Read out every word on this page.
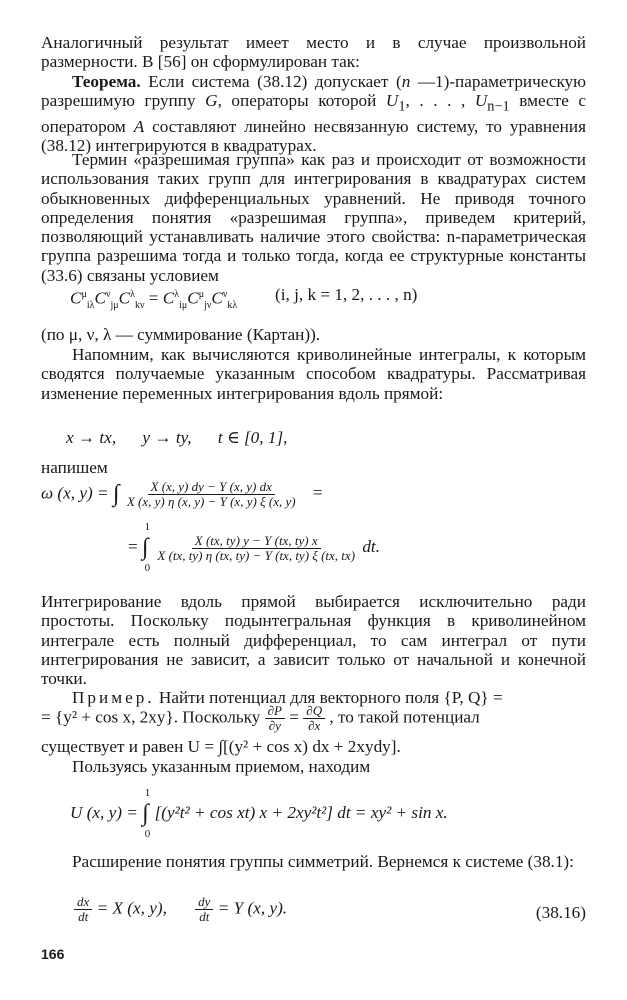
Аналогичный результат имеет место и в случае произвольной размерности. В [56] он сформулирован так:

Теорема. Если система (38.12) допускает (n —1)-параметрическую разрешимую группу G, операторы которой $U_1$, . . . , $U_{n-1}$ вместе с оператором A составляют линейно несвязанную систему, то уравнения (38.12) интегрируются в квадратурах.

Термин «разрешимая группа» как раз и происходит от возможности использования таких групп для интегрирования в квадратурах систем обыкновенных дифференциальных уравнений. Не приводя точного определения понятия «разрешимая группа», приведем критерий, позволяющий устанавливать наличие этого свойства: n-параметрическая группа разрешима тогда и только тогда, когда ее структурные константы (33.6) связаны условием

$C^\mu_{i\lambda}C^\nu_{j\mu}C^\lambda_{k\nu} = C^\lambda_{i\mu}C^\mu_{j\nu}C^\nu_{k\lambda}$
(i, j, k = 1, 2, . . . , n)

(по μ, ν, λ — суммирование (Картан)).

Напомним, как вычисляются криволинейные интегралы, к которым сводятся получаемые указанным способом квадратуры. Рассматривая изменение переменных интегрирования вдоль прямой:

x → tx, y → ty, t ∈ [0, 1],

напишем

ω (x, y) = ∫ $\frac{X (x, y) dy - Y (x, y) dx}{X (x, y) \eta (x, y) - Y (x, y) \xi (x, y)}$ =
= ∫
1
0

$\frac{X (tx, ty) y - Y (tx, ty) x}{X (tx, ty) \eta (tx, ty) - Y (tx, ty) \xi (tx, tx)}$ dt.

Интегрирование вдоль прямой выбирается исключительно ради простоты. Поскольку подынтегральная функция в криволинейном интеграле есть полный дифференциал, то сам интеграл от пути интегрирования не зависит, а зависит только от начальной и конечной точки.

Пример. Найти потенциал для векторного поля {P, Q} =
= {y² + cos x, 2xy}. Поскольку $\frac{\partial P}{\partial y} = \frac{\partial Q}{\partial x}$ , то такой потенциал
существует и равен U = ∫[(y² + cos x) dx + 2xydy].

Пользуясь указанным приемом, находим

U (x, y) = ∫
1
0
[(y²t² + cos xt) x + 2xy²t²] dt = xy² + sin x.

Расширение понятия группы симметрий. Вернемся к системе (38.1):

$\frac{dx}{dt} = X$ (x, y), $\frac{dy}{dt} = Y$ (x, y).	(38.16)
166
